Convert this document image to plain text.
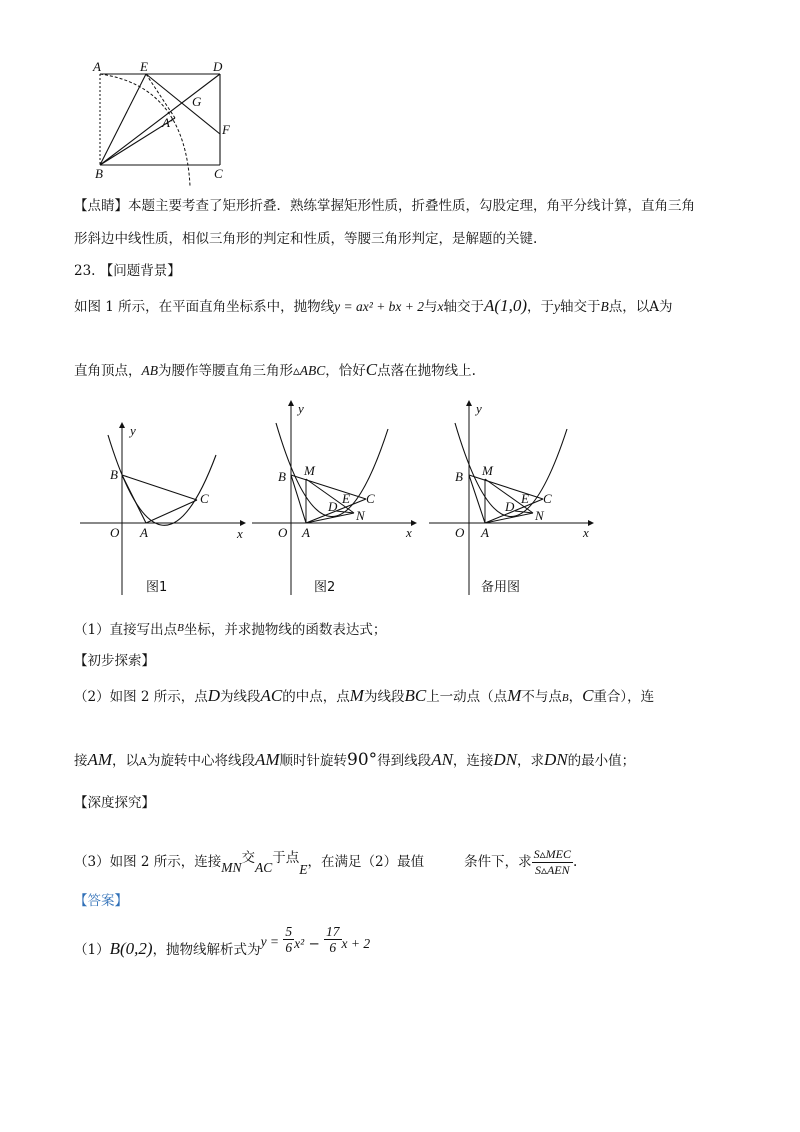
A	E	D
G
A'	F
B	C
【点睛】本题主要考查了矩形折叠．熟练掌握矩形性质，折叠性质，勾股定理，角平分线计算，直角三角
形斜边中线性质，相似三角形的判定和性质，等腰三角形判定，是解题的关键.
23. 【问题背景】
如图 1 所示，在平面直角坐标系中，抛物线y = ax² + bx + 2与x轴交于A(1,0)，于y轴交于B点，以A为
直角顶点，AB为腰作等腰直角三角形▵ABC，恰好C点落在抛物线上.
y
x
O A
B
C
图1
y
x
O A
B M
E
D
C
N
图2
y
x
O A
B M
E
D
C
N
备用图
（1）直接写出点$^B$坐标，并求抛物线的函数表达式；
【初步探索】
（2）如图 2 所示，点D为线段AC的中点，点M为线段BC上一动点（点M不与点B，C重合），连
接AM，以A为旋转中心将线段AM顺时针旋转90°得到线段AN，连接DN，求DN的最小值；
【深度探究】
（3）如图 2 所示，连接MN交AC于点E，在满足（2）最值	条件下，求 $\frac{\text{S▵MEC}}{\text{S▵AEN}}$ .
【答案】
（1）B(0,2)，抛物线解析式为$y = \frac{5}{6} x^2 - \frac{17}{6}$ x + 2
